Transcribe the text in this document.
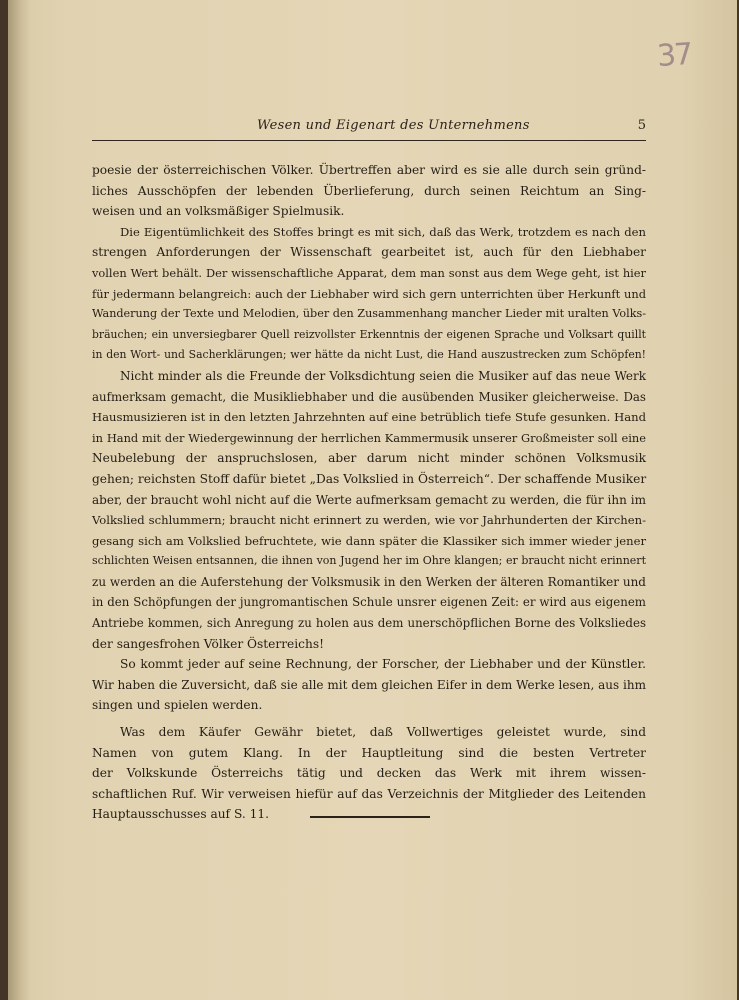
37
Wesen und Eigenart des Unternehmens	5

poesie der österreichischen Völker. Übertreffen aber wird es sie alle durch sein gründ-
liches Ausschöpfen der lebenden Überlieferung, durch seinen Reichtum an Sing-
weisen und an volksmäßiger Spielmusik.

Die Eigentümlichkeit des Stoffes bringt es mit sich, daß das Werk, trotzdem es nach den
strengen Anforderungen der Wissenschaft gearbeitet ist, auch für den Liebhaber
vollen Wert behält. Der wissenschaftliche Apparat, dem man sonst aus dem Wege geht, ist hier
für jedermann belangreich: auch der Liebhaber wird sich gern unterrichten über Herkunft und
Wanderung der Texte und Melodien, über den Zusammenhang mancher Lieder mit uralten Volks-
bräuchen; ein unversiegbarer Quell reizvollster Erkenntnis der eigenen Sprache und Volksart quillt
in den Wort- und Sacherklärungen; wer hätte da nicht Lust, die Hand auszustrecken zum Schöpfen!

Nicht minder als die Freunde der Volksdichtung seien die Musiker auf das neue Werk
aufmerksam gemacht, die Musikliebhaber und die ausübenden Musiker gleicherweise. Das
Hausmusizieren ist in den letzten Jahrzehnten auf eine betrüblich tiefe Stufe gesunken. Hand
in Hand mit der Wiedergewinnung der herrlichen Kammermusik unserer Großmeister soll eine
Neubelebung der anspruchslosen, aber darum nicht minder schönen Volksmusik
gehen; reichsten Stoff dafür bietet „Das Volkslied in Österreich“. Der schaffende Musiker
aber, der braucht wohl nicht auf die Werte aufmerksam gemacht zu werden, die für ihn im
Volkslied schlummern; braucht nicht erinnert zu werden, wie vor Jahrhunderten der Kirchen-
gesang sich am Volkslied befruchtete, wie dann später die Klassiker sich immer wieder jener
schlichten Weisen entsannen, die ihnen von Jugend her im Ohre klangen; er braucht nicht erinnert
zu werden an die Auferstehung der Volksmusik in den Werken der älteren Romantiker und
in den Schöpfungen der jungromantischen Schule unsrer eigenen Zeit: er wird aus eigenem
Antriebe kommen, sich Anregung zu holen aus dem unerschöpflichen Borne des Volksliedes
der sangesfrohen Völker Österreichs!

So kommt jeder auf seine Rechnung, der Forscher, der Liebhaber und der Künstler.
Wir haben die Zuversicht, daß sie alle mit dem gleichen Eifer in dem Werke lesen, aus ihm
singen und spielen werden.

Was dem Käufer Gewähr bietet, daß Vollwertiges geleistet wurde, sind
Namen von gutem Klang. In der Hauptleitung sind die besten Vertreter
der Volkskunde Österreichs tätig und decken das Werk mit ihrem wissen-
schaftlichen Ruf. Wir verweisen hiefür auf das Verzeichnis der Mitglieder des Leitenden
Hauptausschusses auf S. 11.
